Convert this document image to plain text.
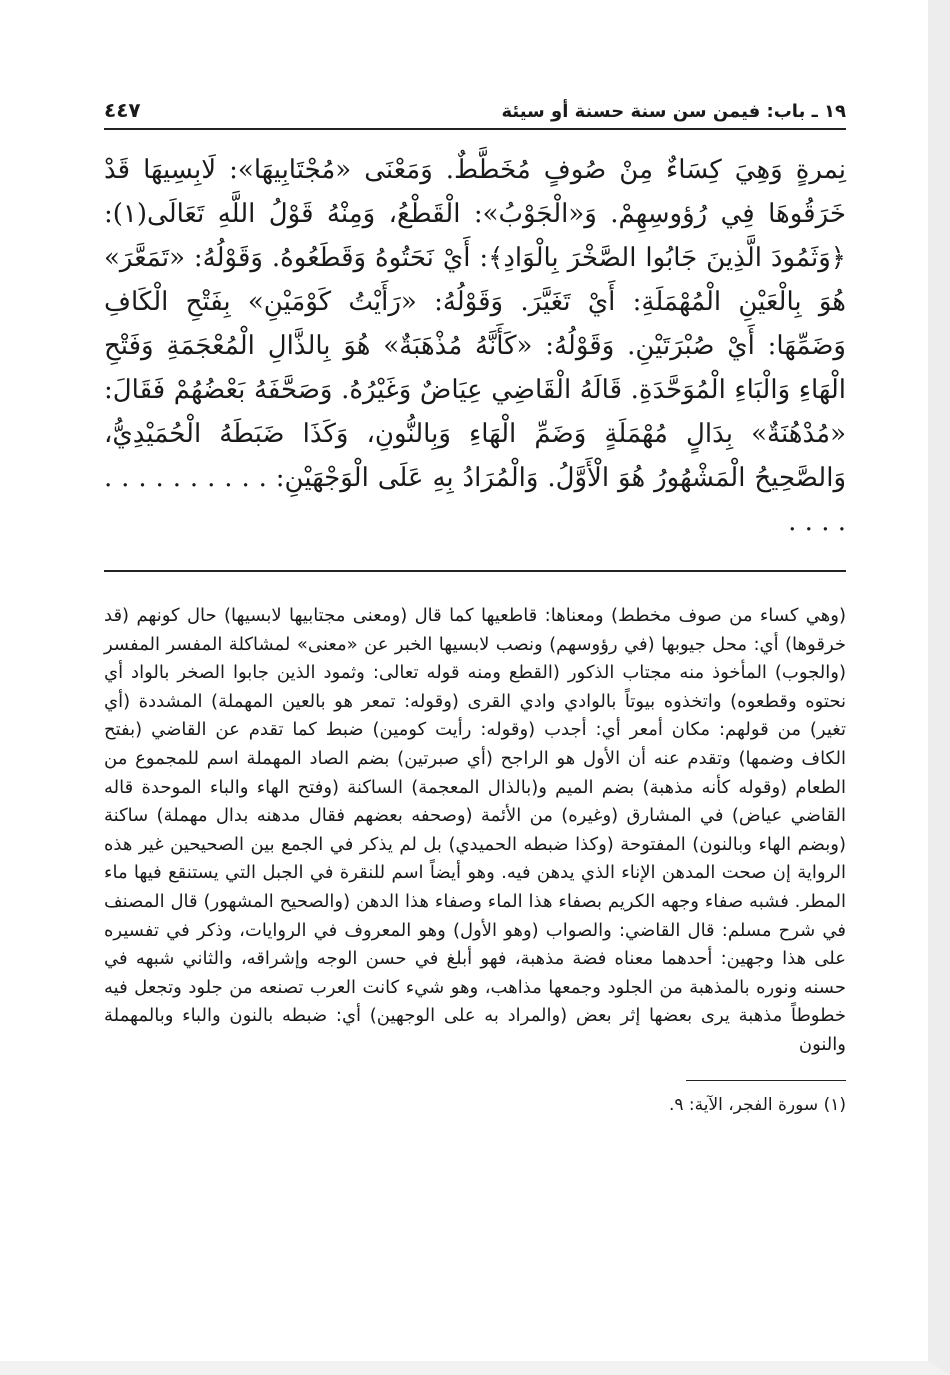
١٩ ـ باب: فيمن سن سنة حسنة أو سيئة
٤٤٧

نِمرةٍ وَهِيَ كِسَاءٌ مِنْ صُوفٍ مُخَطَّطٌ. وَمَعْنَى «مُجْتَابِيهَا»: لَابِسِيهَا قَدْ خَرَقُوهَا فِي رُؤوسِهِمْ. وَ«الْجَوْبُ»: الْقَطْعُ، وَمِنْهُ قَوْلُ اللَّهِ تَعَالَى(١): ﴿وَثَمُودَ الَّذِينَ جَابُوا الصَّخْرَ بِالْوَادِ﴾: أَيْ نَحَتُوهُ وَقَطَعُوهُ. وَقَوْلُهُ: «تَمَعَّرَ» هُوَ بِالْعَيْنِ الْمُهْمَلَةِ: أَيْ تَغَيَّرَ. وَقَوْلُهُ: «رَأَيْتُ كَوْمَيْنِ» بِفَتْحِ الْكَافِ وَضَمِّهَا: أَيْ صُبْرَتَيْنِ. وَقَوْلُهُ: «كَأَنَّهُ مُذْهَبَةٌ» هُوَ بِالذَّالِ الْمُعْجَمَةِ وَفَتْحِ الْهَاءِ وَالْبَاءِ الْمُوَحَّدَةِ. قَالَهُ الْقَاضِي عِيَاضٌ وَغَيْرُهُ. وَصَحَّفَهُ بَعْضُهُمْ فَقَالَ: «مُدْهُنَةٌ» بِدَالٍ مُهْمَلَةٍ وَضَمِّ الْهَاءِ وَبِالنُّونِ، وَكَذَا ضَبَطَهُ الْحُمَيْدِيُّ، وَالصَّحِيحُ الْمَشْهُورُ هُوَ الْأَوَّلُ. وَالْمُرَادُ بِهِ عَلَى الْوَجْهَيْنِ: . . . . . . . . . . . . . .

(وهي كساء من صوف مخطط) ومعناها: قاطعيها كما قال (ومعنى مجتابيها لابسيها) حال كونهم (قد خرقوها) أي: محل جيوبها (في رؤوسهم) ونصب لابسيها الخبر عن «معنى» لمشاكلة المفسر المفسر (والجوب) المأخوذ منه مجتاب الذكور (القطع ومنه قوله تعالى: وثمود الذين جابوا الصخر بالواد أي نحتوه وقطعوه) واتخذوه بيوتاً بالوادي وادي القرى (وقوله: تمعر هو بالعين المهملة) المشددة (أي تغير) من قولهم: مكان أمعر أي: أجدب (وقوله: رأيت كومين) ضبط كما تقدم عن القاضي (بفتح الكاف وضمها) وتقدم عنه أن الأول هو الراجح (أي صبرتين) بضم الصاد المهملة اسم للمجموع من الطعام (وقوله كأنه مذهبة) بضم الميم و(بالذال المعجمة) الساكنة (وفتح الهاء والباء الموحدة قاله القاضي عياض) في المشارق (وغيره) من الأئمة (وصحفه بعضهم فقال مدهنه بدال مهملة) ساكنة (وبضم الهاء وبالنون) المفتوحة (وكذا ضبطه الحميدي) بل لم يذكر في الجمع بين الصحيحين غير هذه الرواية إن صحت المدهن الإناء الذي يدهن فيه. وهو أيضاً اسم للنقرة في الجبل التي يستنقع فيها ماء المطر. فشبه صفاء وجهه الكريم بصفاء هذا الماء وصفاء هذا الدهن (والصحيح المشهور) قال المصنف في شرح مسلم: قال القاضي: والصواب (وهو الأول) وهو المعروف في الروايات، وذكر في تفسيره على هذا وجهين: أحدهما معناه فضة مذهبة، فهو أبلغ في حسن الوجه وإشراقه، والثاني شبهه في حسنه ونوره بالمذهبة من الجلود وجمعها مذاهب، وهو شيء كانت العرب تصنعه من جلود وتجعل فيه خطوطاً مذهبة يرى بعضها إثر بعض (والمراد به على الوجهين) أي: ضبطه بالنون والباء وبالمهملة والنون

(١) سورة الفجر، الآية: ٩.
